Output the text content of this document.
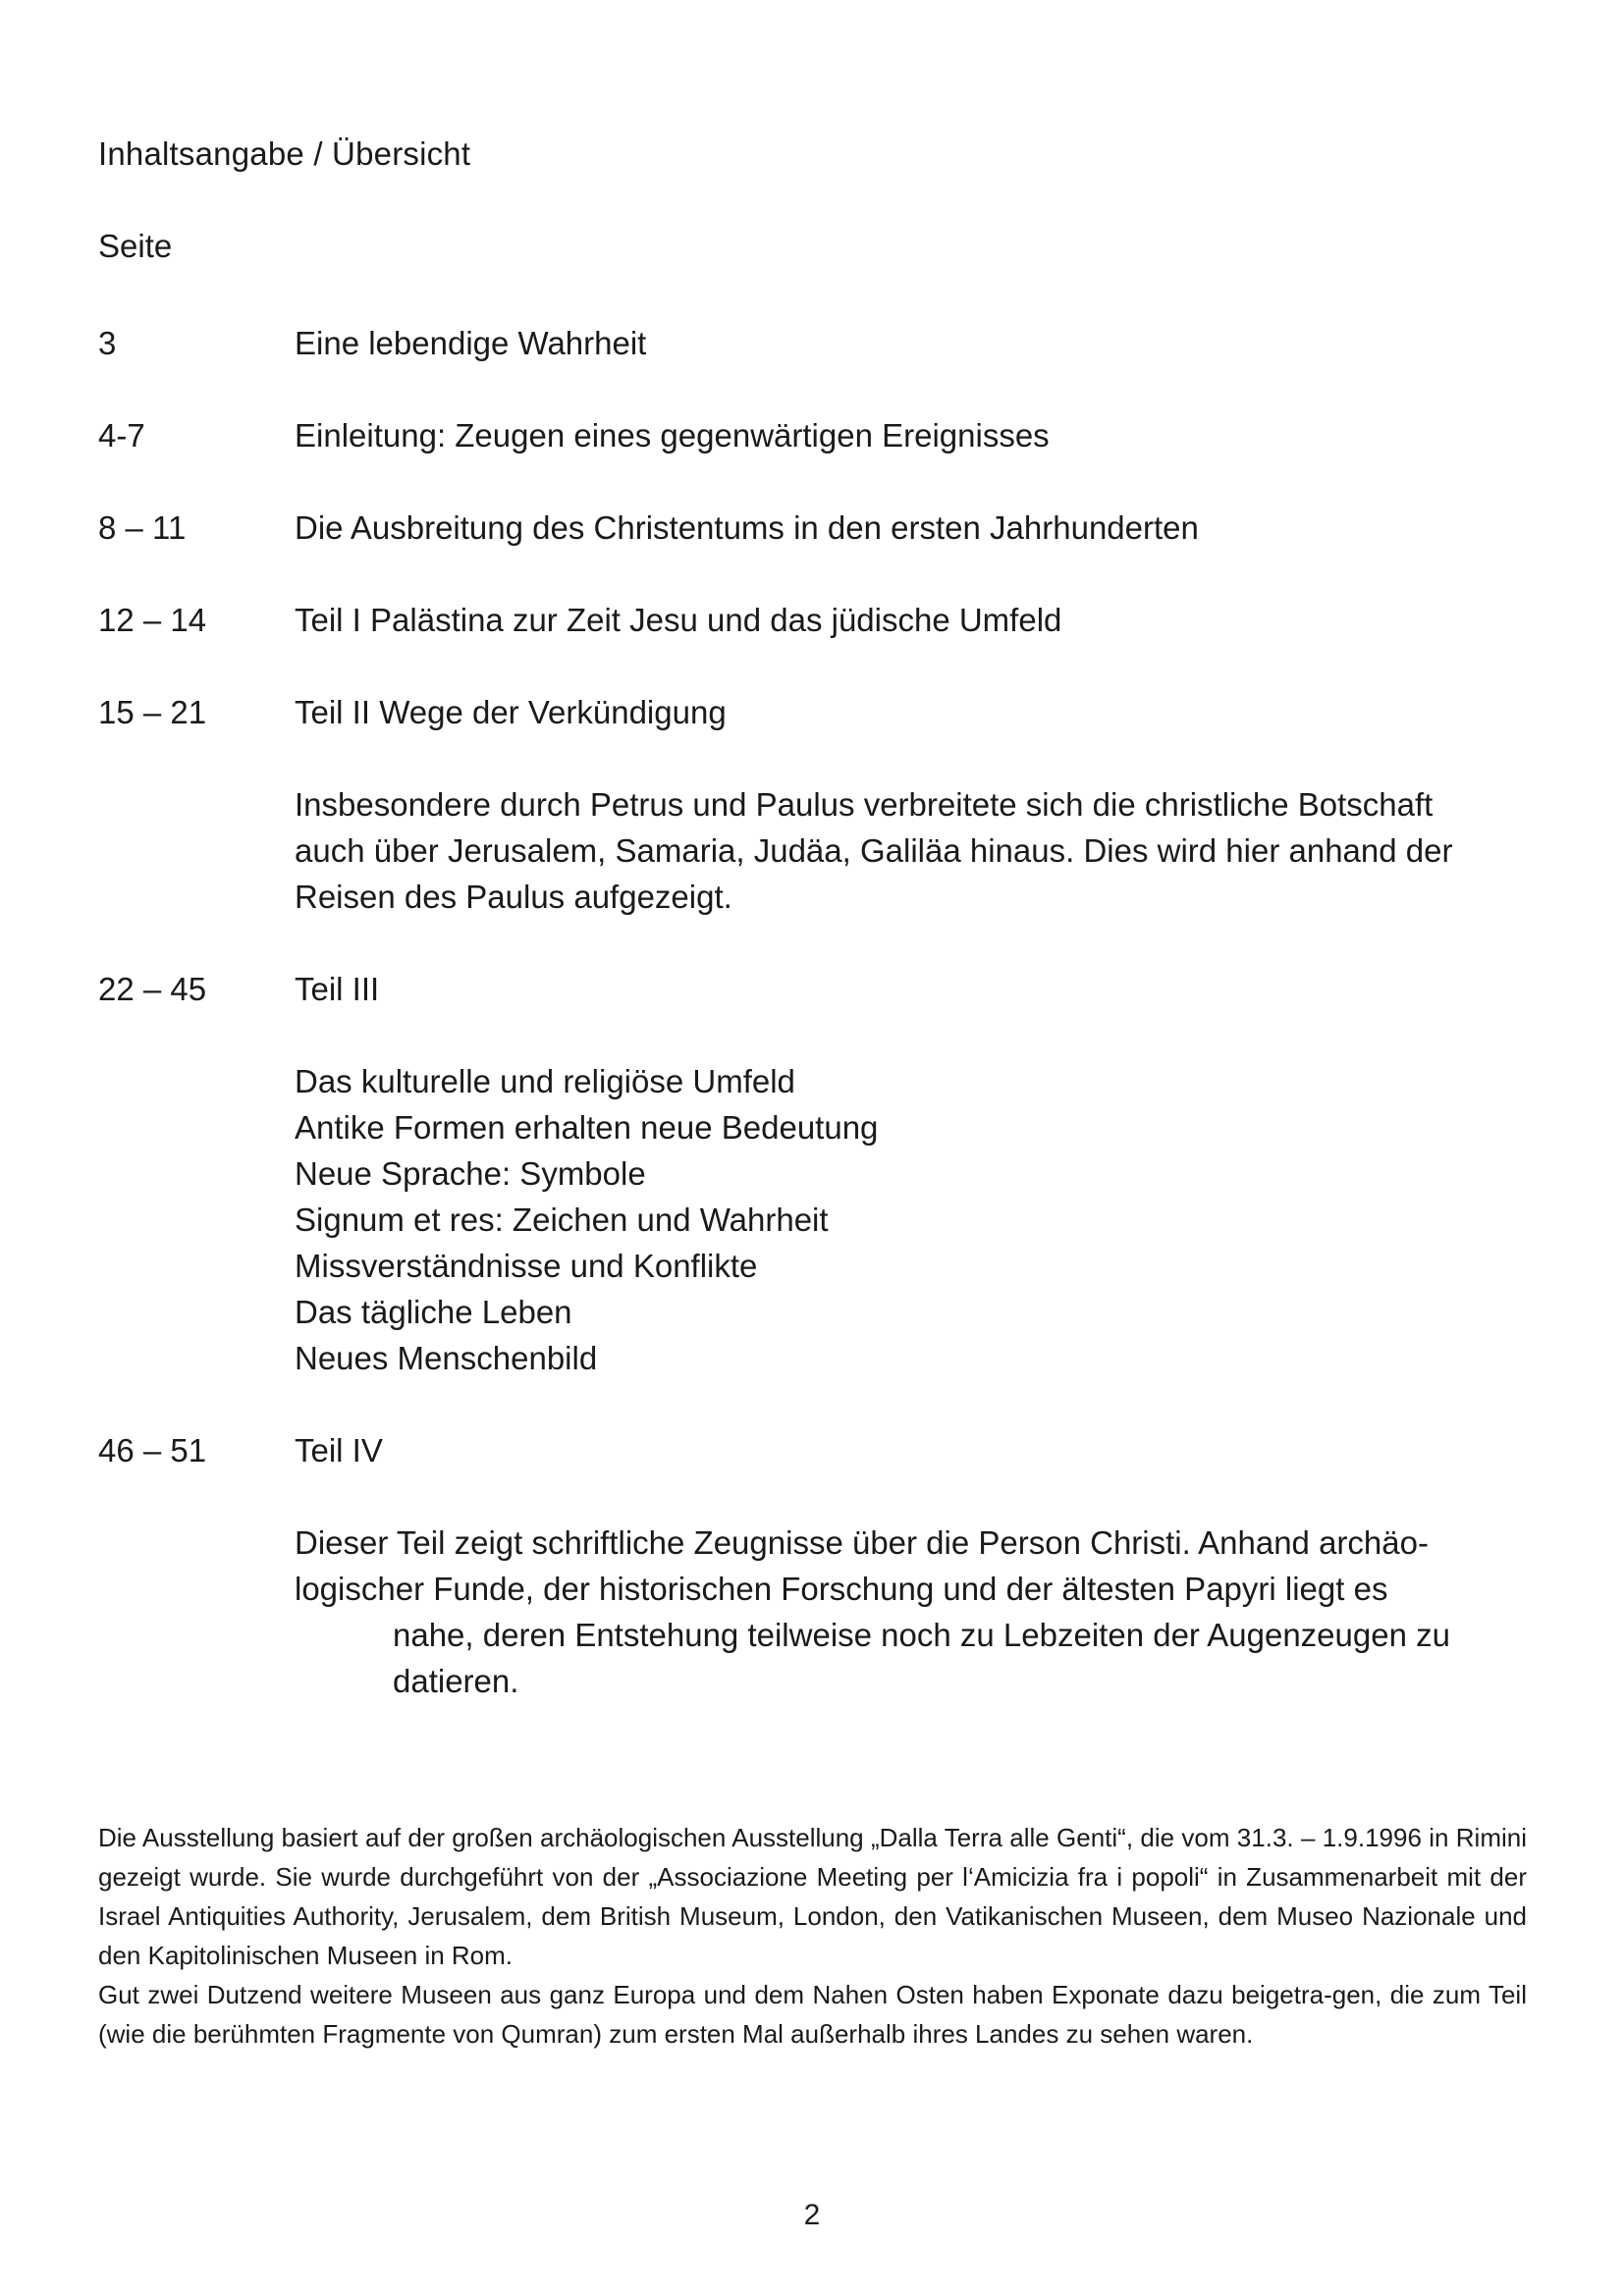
Inhaltsangabe / Übersicht
Seite
3	Eine lebendige Wahrheit
4-7	Einleitung: Zeugen eines gegenwärtigen Ereignisses
8 – 11	Die Ausbreitung des Christentums in den ersten Jahrhunderten
12 – 14	Teil I Palästina zur Zeit Jesu und das jüdische Umfeld
15 – 21	Teil II Wege der Verkündigung
Insbesondere durch Petrus und Paulus verbreitete sich die christliche Botschaft
auch über Jerusalem, Samaria, Judäa, Galiläa hinaus. Dies wird hier anhand der
Reisen des Paulus aufgezeigt.
22 – 45	Teil III
Das kulturelle und religiöse Umfeld
Antike Formen erhalten neue Bedeutung
Neue Sprache: Symbole
Signum et res: Zeichen und Wahrheit
Missverständnisse und Konflikte
Das tägliche Leben
Neues Menschenbild
46 – 51	Teil IV
Dieser Teil zeigt schriftliche Zeugnisse über die Person Christi. Anhand archäo-
logischer Funde, der historischen Forschung und der ältesten Papyri liegt es
nahe, deren Entstehung teilweise noch zu Lebzeiten der Augenzeugen zu
datieren.

Die Ausstellung basiert auf der großen archäologischen Ausstellung „Dalla Terra alle Genti“, die vom 31.3. – 1.9.1996 in Rimini gezeigt wurde. Sie wurde durchgeführt von der „Associazione Meeting per l‘Amicizia fra i popoli“ in Zusammenarbeit mit der Israel Antiquities Authority, Jerusalem, dem British Museum, London, den Vatikanischen Museen, dem Museo Nazionale und den Kapitolinischen Museen in Rom.

Gut zwei Dutzend weitere Museen aus ganz Europa und dem Nahen Osten haben Exponate dazu beigetra-gen, die zum Teil (wie die berühmten Fragmente von Qumran) zum ersten Mal außerhalb ihres Landes zu sehen waren.

2
